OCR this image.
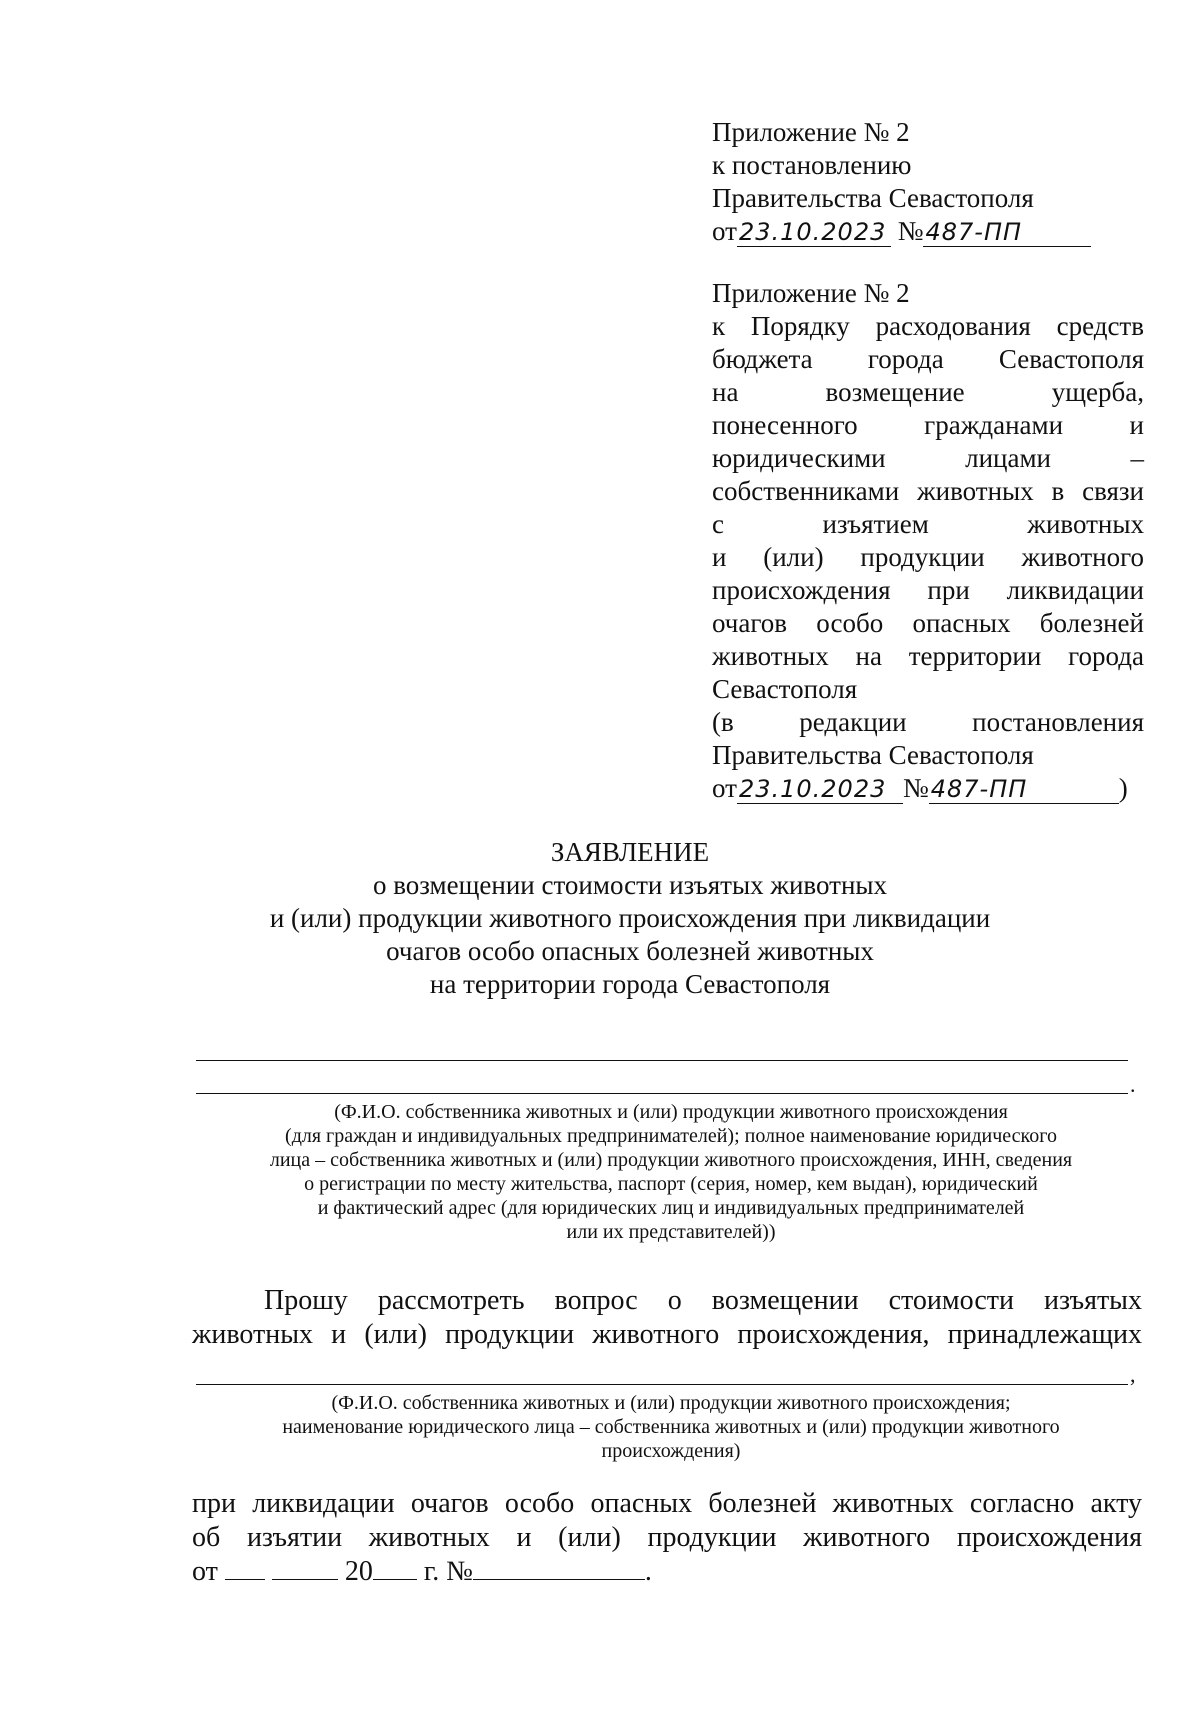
Приложение № 2
к постановлению
Правительства Севастополя
от23.10.2023 №487-ПП
Приложение № 2
к Порядку расходования средств
бюджета города Севастополя
на возмещение ущерба,
понесенного гражданами и
юридическими лицами –
собственниками животных в связи
с изъятием животных
и (или) продукции животного
происхождения при ликвидации
очагов особо опасных болезней
животных на территории города
Севастополя
(в редакции постановления
Правительства Севастополя
от23.10.2023 №487-ПП	)
ЗАЯВЛЕНИЕ
о возмещении стоимости изъятых животных
и (или) продукции животного происхождения при ликвидации
очагов особо опасных болезней животных
на территории города Севастополя
.
(Ф.И.О. собственника животных и (или) продукции животного происхождения
(для граждан и индивидуальных предпринимателей); полное наименование юридического
лица – собственника животных и (или) продукции животного происхождения, ИНН, сведения
о регистрации по месту жительства, паспорт (серия, номер, кем выдан), юридический
и фактический адрес (для юридических лиц и индивидуальных предпринимателей
или их представителей))
Прошу рассмотреть вопрос о возмещении стоимости изъятых
животных и (или) продукции животного происхождения, принадлежащих
,
(Ф.И.О. собственника животных и (или) продукции животного происхождения;
наименование юридического лица – собственника животных и (или) продукции животного
происхождения)
при ликвидации очагов особо опасных болезней животных согласно акту
об изъятии животных и (или) продукции животного происхождения
от	20 г. №	.
